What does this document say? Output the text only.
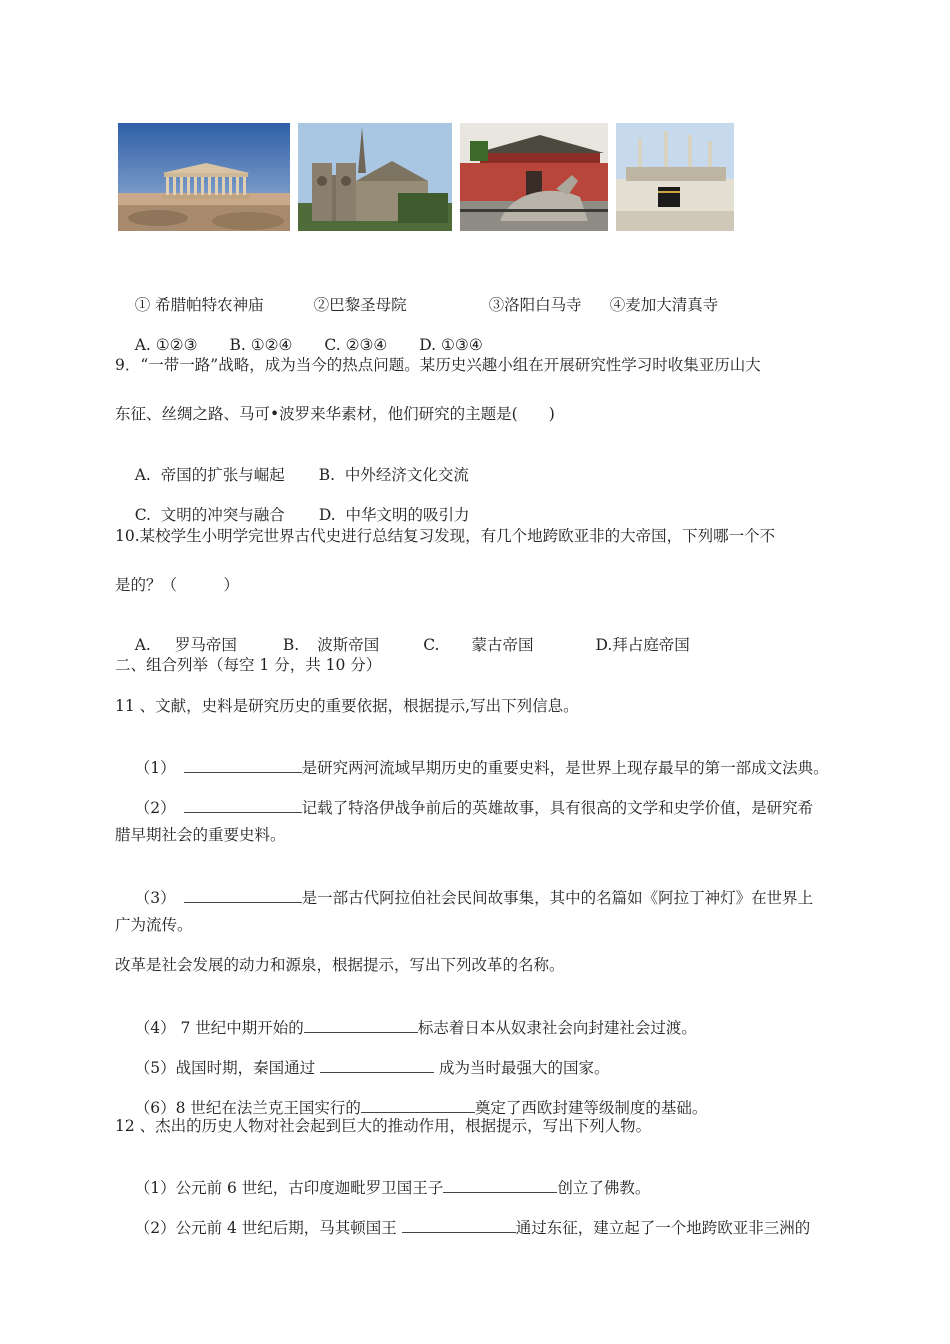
① 希腊帕特农神庙	②巴黎圣母院	③洛阳白马寺 ④麦加大清真寺

A. ①②③ B. ①②④ C. ②③④ D. ①③④

9．“一带一路”战略，成为当今的热点问题。某历史兴趣小组在开展研究性学习时收集亚历山大
东征、丝绸之路、马可•波罗来华素材，他们研究的主题是(　　)

A.  帝国的扩张与崛起 B.  中外经济文化交流

C.  文明的冲突与融合 D.  中华文明的吸引力

10.某校学生小明学完世界古代史进行总结复习发现，有几个地跨欧亚非的大帝国，下列哪一个不
是的？（　　　）

A. 罗马帝国	B. 波斯帝国	C. 蒙古帝国	D.拜占庭帝国

二、组合列举（每空 1 分，共 10 分）
11 、文献，史料是研究历史的重要依据，根据提示,写出下列信息。

（1）	是研究两河流域早期历史的重要史料，是世界上现存最早的第一部成文法典。

（2）	记载了特洛伊战争前后的英雄故事，具有很高的文学和史学价值，是研究希

腊早期社会的重要史料。

（3）	是一部古代阿拉伯社会民间故事集，其中的名篇如《阿拉丁神灯》在世界上

广为流传。
改革是社会发展的动力和源泉，根据提示，写出下列改革的名称。

（4） 7 世纪中期开始的	标志着日本从奴隶社会向封建社会过渡。

（5）战国时期，秦国通过	成为当时最强大的国家。

（6）8 世纪在法兰克王国实行的	奠定了西欧封建等级制度的基础。

12 、杰出的历史人物对社会起到巨大的推动作用，根据提示，写出下列人物。

（1）公元前 6 世纪，古印度迦毗罗卫国王子	创立了佛教。

（2）公元前 4 世纪后期，马其顿国王	通过东征，建立起了一个地跨欧亚非三洲的
